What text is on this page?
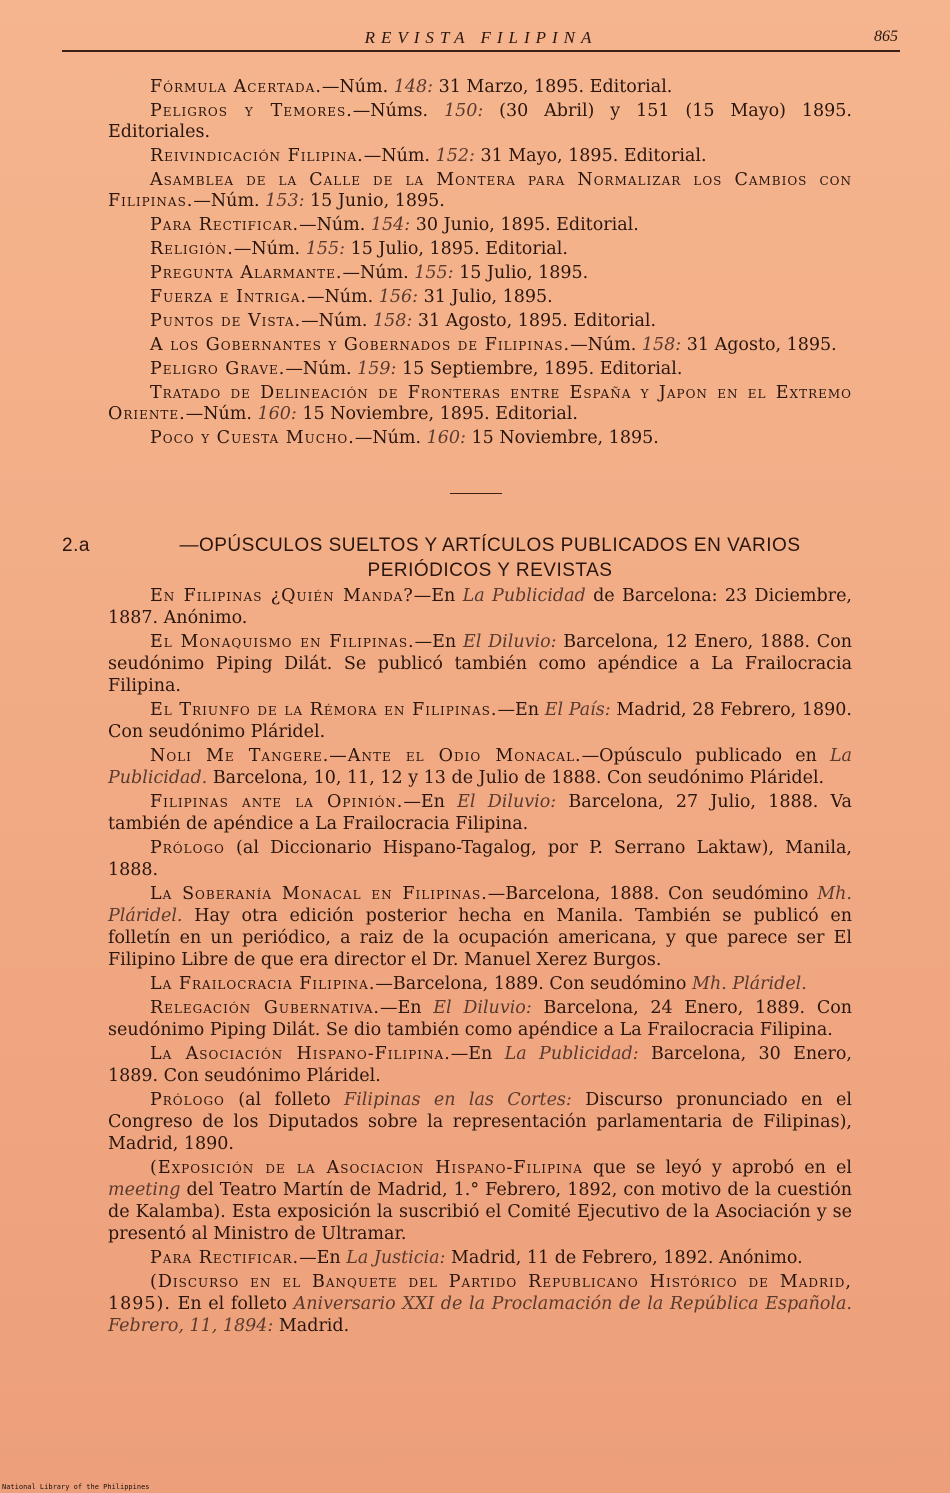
REVISTA FILIPINA	865

Fórmula Acertada.—Núm. 148: 31 Marzo, 1895. Editorial.

Peligros y Temores.—Núms. 150: (30 Abril) y 151 (15 Mayo) 1895. Editoriales.

Reivindicación Filipina.—Núm. 152: 31 Mayo, 1895. Editorial.

Asamblea de la Calle de la Montera para Normalizar los Cambios con Filipinas.—Núm. 153: 15 Junio, 1895.

Para Rectificar.—Núm. 154: 30 Junio, 1895. Editorial.

Religión.—Núm. 155: 15 Julio, 1895. Editorial.

Pregunta Alarmante.—Núm. 155: 15 Julio, 1895.

Fuerza e Intriga.—Núm. 156: 31 Julio, 1895.

Puntos de Vista.—Núm. 158: 31 Agosto, 1895. Editorial.

A los Gobernantes y Gobernados de Filipinas.—Núm. 158: 31 Agosto, 1895.

Peligro Grave.—Núm. 159: 15 Septiembre, 1895. Editorial.

Tratado de Delineación de Fronteras entre España y Japon en el Extremo Oriente.—Núm. 160: 15 Noviembre, 1895. Editorial.

Poco y Cuesta Mucho.—Núm. 160: 15 Noviembre, 1895.

2.a	—OPÚSCULOS SUELTOS Y ARTÍCULOS PUBLICADOS EN VARIOS PERIÓDICOS Y REVISTAS

En Filipinas ¿Quién Manda?—En La Publicidad de Barcelona: 23 Diciembre, 1887. Anónimo.

El Monaquismo en Filipinas.—En El Diluvio: Barcelona, 12 Enero, 1888. Con seudónimo Piping Dilát. Se publicó también como apéndice a La Frailocracia Filipina.

El Triunfo de la Rémora en Filipinas.—En El País: Madrid, 28 Febrero, 1890. Con seudónimo Pláridel.

Noli Me Tangere.—Ante el Odio Monacal.—Opúsculo publicado en La Publicidad. Barcelona, 10, 11, 12 y 13 de Julio de 1888. Con seudónimo Pláridel.

Filipinas ante la Opinión.—En El Diluvio: Barcelona, 27 Julio, 1888. Va también de apéndice a La Frailocracia Filipina.

Prólogo (al Diccionario Hispano-Tagalog, por P. Serrano Laktaw), Manila, 1888.

La Soberanía Monacal en Filipinas.—Barcelona, 1888. Con seudómino Mh. Pláridel. Hay otra edición posterior hecha en Manila. También se publicó en folletín en un periódico, a raiz de la ocupación americana, y que parece ser El Filipino Libre de que era director el Dr. Manuel Xerez Burgos.

La Frailocracia Filipina.—Barcelona, 1889. Con seudómino Mh. Pláridel.

Relegación Gubernativa.—En El Diluvio: Barcelona, 24 Enero, 1889. Con seudónimo Piping Dilát. Se dio también como apéndice a La Frailocracia Filipina.

La Asociación Hispano-Filipina.—En La Publicidad: Barcelona, 30 Enero, 1889. Con seudónimo Pláridel.

Prólogo (al folleto Filipinas en las Cortes: Discurso pronunciado en el Congreso de los Diputados sobre la representación parlamentaria de Filipinas), Madrid, 1890.

(Exposición de la Asociacion Hispano-Filipina que se leyó y aprobó en el meeting del Teatro Martín de Madrid, 1.° Febrero, 1892, con motivo de la cuestión de Kalamba). Esta exposición la suscribió el Comité Ejecutivo de la Asociación y se presentó al Ministro de Ultramar.

Para Rectificar.—En La Justicia: Madrid, 11 de Febrero, 1892. Anónimo.

(Discurso en el Banquete del Partido Republicano Histórico de Madrid, 1895). En el folleto Aniversario XXI de la Proclamación de la República Española. Febrero, 11, 1894: Madrid.

National Library of the Philippines
